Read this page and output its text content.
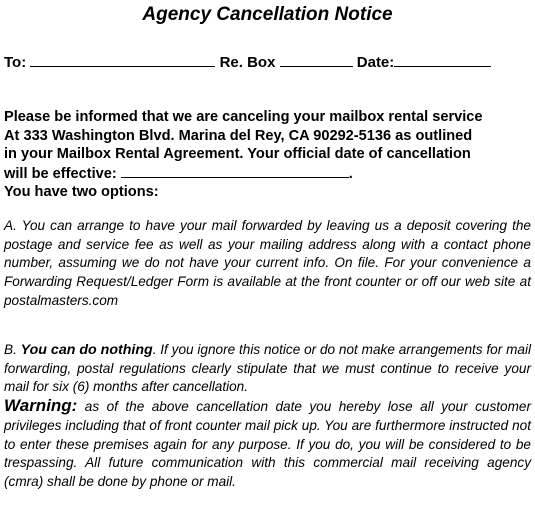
Agency Cancellation Notice
To:	Re. Box	Date:
Please be informed that we are canceling your mailbox rental service
At 333 Washington Blvd. Marina del Rey, CA 90292-5136 as outlined
in your Mailbox Rental Agreement. Your official date of cancellation
will be effective:	.
You have two options:
A. You can arrange to have your mail forwarded by leaving us a deposit covering the postage and service fee as well as your mailing address along with a contact phone number, assuming we do not have your current info. On file. For your convenience a Forwarding Request/Ledger Form is available at the front counter or off our web site at postalmasters.com
B. You can do nothing. If you ignore this notice or do not make arrangements for mail forwarding, postal regulations clearly stipulate that we must continue to receive your mail for six (6) months after cancellation.
Warning: as of the above cancellation date you hereby lose all your customer privileges including that of front counter mail pick up. You are furthermore instructed not to enter these premises again for any purpose. If you do, you will be considered to be trespassing. All future communication with this commercial mail receiving agency (cmra) shall be done by phone or mail.
